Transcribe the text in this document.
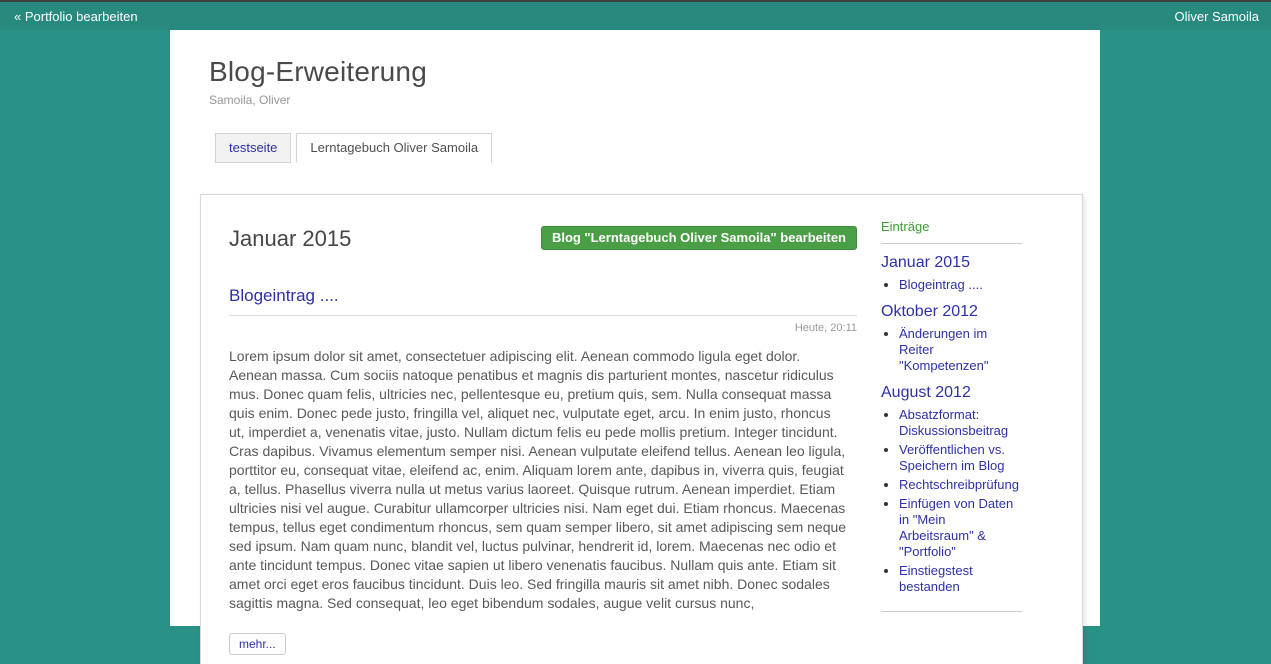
« Portfolio bearbeiten	Oliver Samoila
Blog-Erweiterung
Samoila, Oliver
testseite	Lerntagebuch Oliver Samoila
Januar 2015	Blog "Lerntagebuch Oliver Samoila" bearbeiten
Blogeintrag ....
Heute, 20:11
Lorem ipsum dolor sit amet, consectetuer adipiscing elit. Aenean commodo ligula eget dolor. Aenean massa. Cum sociis natoque penatibus et magnis dis parturient montes, nascetur ridiculus mus. Donec quam felis, ultricies nec, pellentesque eu, pretium quis, sem. Nulla consequat massa quis enim. Donec pede justo, fringilla vel, aliquet nec, vulputate eget, arcu. In enim justo, rhoncus ut, imperdiet a, venenatis vitae, justo. Nullam dictum felis eu pede mollis pretium. Integer tincidunt. Cras dapibus. Vivamus elementum semper nisi. Aenean vulputate eleifend tellus. Aenean leo ligula, porttitor eu, consequat vitae, eleifend ac, enim. Aliquam lorem ante, dapibus in, viverra quis, feugiat a, tellus. Phasellus viverra nulla ut metus varius laoreet. Quisque rutrum. Aenean imperdiet. Etiam ultricies nisi vel augue. Curabitur ullamcorper ultricies nisi. Nam eget dui. Etiam rhoncus. Maecenas tempus, tellus eget condimentum rhoncus, sem quam semper libero, sit amet adipiscing sem neque sed ipsum. Nam quam nunc, blandit vel, luctus pulvinar, hendrerit id, lorem. Maecenas nec odio et ante tincidunt tempus. Donec vitae sapien ut libero venenatis faucibus. Nullam quis ante. Etiam sit amet orci eget eros faucibus tincidunt. Duis leo. Sed fringilla mauris sit amet nibh. Donec sodales sagittis magna. Sed consequat, leo eget bibendum sodales, augue velit cursus nunc,
mehr...
Einträge
Januar 2015
• Blogeintrag ....
Oktober 2012
• Änderungen im Reiter "Kompetenzen"
August 2012
• Absatzformat: Diskussionsbeitrag
• Veröffentlichen vs. Speichern im Blog
• Rechtschreibprüfung
• Einfügen von Daten in "Mein Arbeitsraum" & "Portfolio"
• Einstiegstest bestanden
